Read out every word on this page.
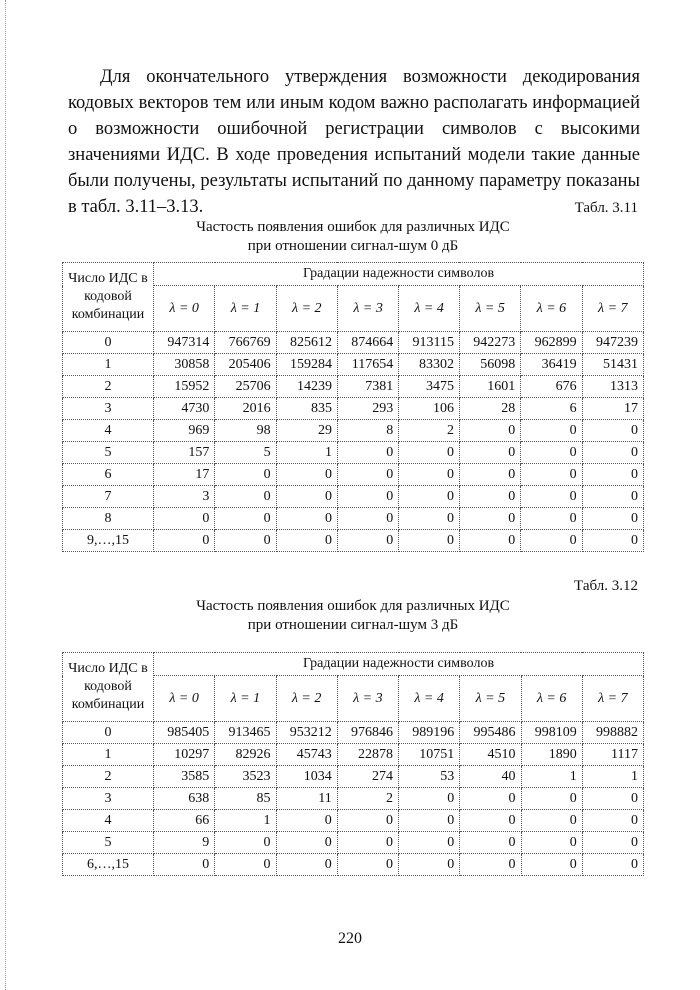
Для окончательного утверждения возможности декодирования кодовых векторов тем или иным кодом важно располагать информацией о возможности ошибочной регистрации символов с высокими значениями ИДС. В ходе проведения испытаний модели такие данные были получены, результаты испытаний по данному параметру показаны в табл. 3.11–3.13.	Табл. 3.11
Частость появления ошибок для различных ИДС
при отношении сигнал-шум 0 дБ
Число ИДС в кодовой комбинации	Градации надежности символов							
	λ = 0	λ = 1	λ = 2	λ = 3	λ = 4	λ = 5	λ = 6	λ = 7
0	947314	766769	825612	874664	913115	942273	962899	947239
1	30858	205406	159284	117654	83302	56098	36419	51431
2	15952	25706	14239	7381	3475	1601	676	1313
3	4730	2016	835	293	106	28	6	17
4	969	98	29	8	2	0	0	0
5	157	5	1	0	0	0	0	0
6	17	0	0	0	0	0	0	0
7	3	0	0	0	0	0	0	0
8	0	0	0	0	0	0	0	0
9,…,15	0	0	0	0	0	0	0	0
Табл. 3.12
Частость появления ошибок для различных ИДС
при отношении сигнал-шум 3 дБ
Число ИДС в кодовой комбинации	Градации надежности символов							
	λ = 0	λ = 1	λ = 2	λ = 3	λ = 4	λ = 5	λ = 6	λ = 7
0	985405	913465	953212	976846	989196	995486	998109	998882
1	10297	82926	45743	22878	10751	4510	1890	1117
2	3585	3523	1034	274	53	40	1	1
3	638	85	11	2	0	0	0	0
4	66	1	0	0	0	0	0	0
5	9	0	0	0	0	0	0	0
6,…,15	0	0	0	0	0	0	0	0
220
